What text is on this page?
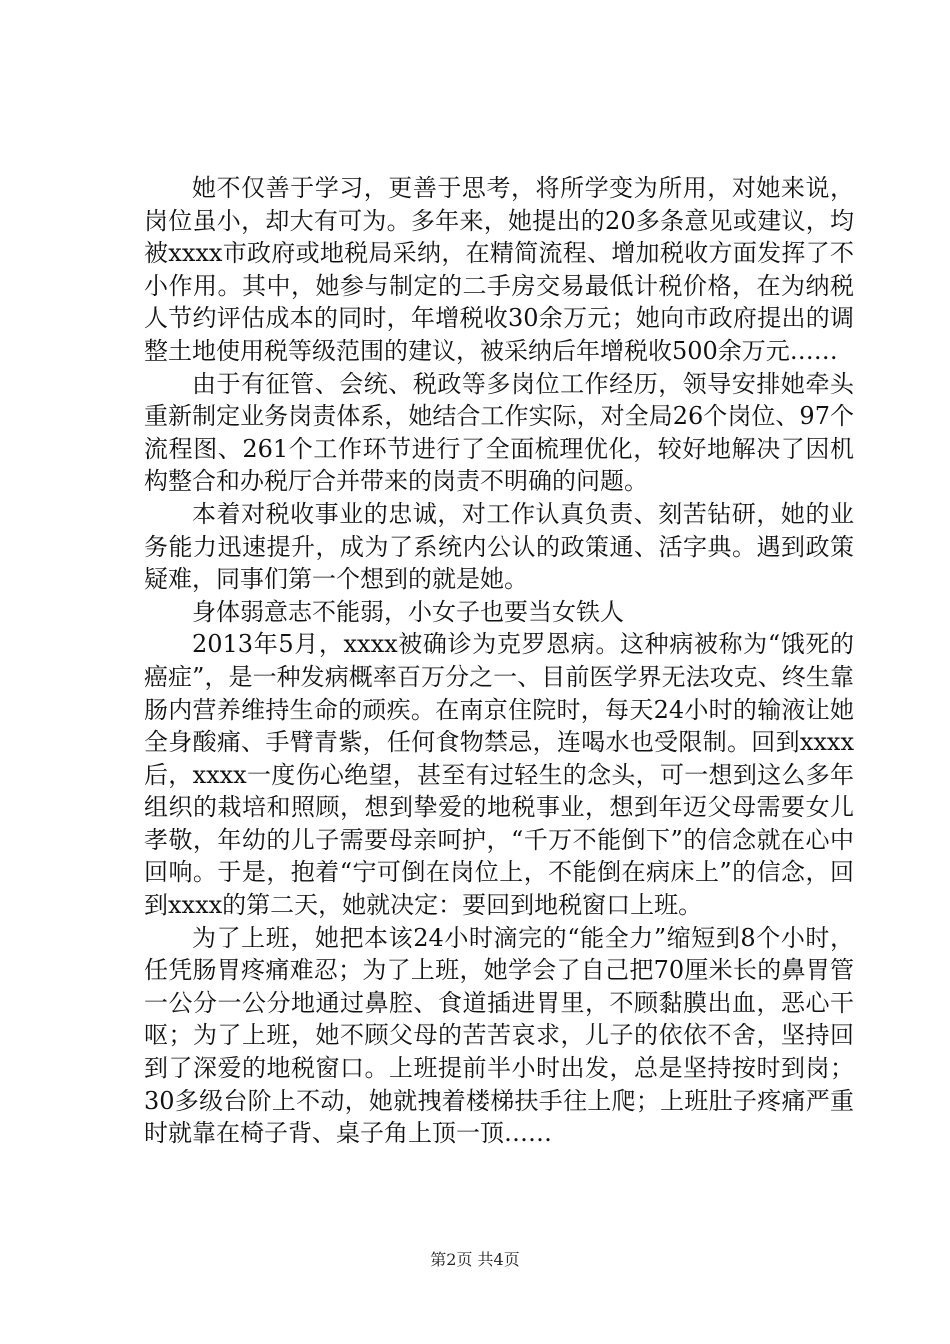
她不仅善于学习，更善于思考，将所学变为所用，对她来说，岗位虽小，却大有可为。多年来，她提出的20多条意见或建议，均被xxxx市政府或地税局采纳，在精简流程、增加税收方面发挥了不小作用。其中，她参与制定的二手房交易最低计税价格，在为纳税人节约评估成本的同时，年增税收30余万元；她向市政府提出的调整土地使用税等级范围的建议，被采纳后年增税收500余万元……

由于有征管、会统、税政等多岗位工作经历，领导安排她牵头重新制定业务岗责体系，她结合工作实际，对全局26个岗位、97个流程图、261个工作环节进行了全面梳理优化，较好地解决了因机构整合和办税厅合并带来的岗责不明确的问题。

本着对税收事业的忠诚，对工作认真负责、刻苦钻研，她的业务能力迅速提升，成为了系统内公认的政策通、活字典。遇到政策疑难，同事们第一个想到的就是她。

身体弱意志不能弱，小女子也要当女铁人

2013年5月，xxxx被确诊为克罗恩病。这种病被称为“饿死的癌症”，是一种发病概率百万分之一、目前医学界无法攻克、终生靠肠内营养维持生命的顽疾。在南京住院时，每天24小时的输液让她全身酸痛、手臂青紫，任何食物禁忌，连喝水也受限制。回到xxxx后，xxxx一度伤心绝望，甚至有过轻生的念头，可一想到这么多年组织的栽培和照顾，想到挚爱的地税事业，想到年迈父母需要女儿孝敬，年幼的儿子需要母亲呵护，“千万不能倒下”的信念就在心中回响。于是，抱着“宁可倒在岗位上，不能倒在病床上”的信念，回到xxxx的第二天，她就决定：要回到地税窗口上班。

为了上班，她把本该24小时滴完的“能全力”缩短到8个小时，任凭肠胃疼痛难忍；为了上班，她学会了自己把70厘米长的鼻胃管一公分一公分地通过鼻腔、食道插进胃里，不顾黏膜出血，恶心干呕；为了上班，她不顾父母的苦苦哀求，儿子的依依不舍，坚持回到了深爱的地税窗口。上班提前半小时出发，总是坚持按时到岗；30多级台阶上不动，她就拽着楼梯扶手往上爬；上班肚子疼痛严重时就靠在椅子背、桌子角上顶一顶……

第2页 共4页
